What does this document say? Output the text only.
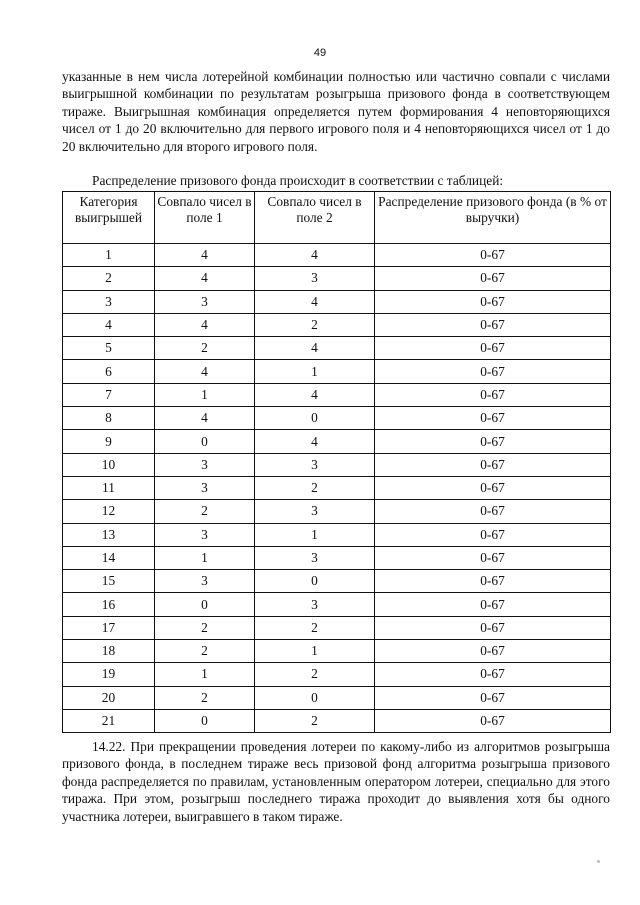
49

указанные в нем числа лотерейной комбинации полностью или частично совпали с числами выигрышной комбинации по результатам розыгрыша призового фонда в соответствующем тираже. Выигрышная комбинация определяется путем формирования 4 неповторяющихся чисел от 1 до 20 включительно для первого игрового поля и 4 неповторяющихся чисел от 1 до 20 включительно для второго игрового поля.

Распределение призового фонда происходит в соответствии с таблицей:

Категория выигрышей	Совпало чисел в поле 1	Совпало чисел в поле 2	Распределение призового фонда (в % от выручки)
1	4	4	0-67
2	4	3	0-67
3	3	4	0-67
4	4	2	0-67
5	2	4	0-67
6	4	1	0-67
7	1	4	0-67
8	4	0	0-67
9	0	4	0-67
10	3	3	0-67
11	3	2	0-67
12	2	3	0-67
13	3	1	0-67
14	1	3	0-67
15	3	0	0-67
16	0	3	0-67
17	2	2	0-67
18	2	1	0-67
19	1	2	0-67
20	2	0	0-67
21	0	2	0-67

14.22. При прекращении проведения лотереи по какому-либо из алгоритмов розыгрыша призового фонда, в последнем тираже весь призовой фонд алгоритма розыгрыша призового фонда распределяется по правилам, установленным оператором лотереи, специально для этого тиража. При этом, розыгрыш последнего тиража проходит до выявления хотя бы одного участника лотереи, выигравшего в таком тираже.
